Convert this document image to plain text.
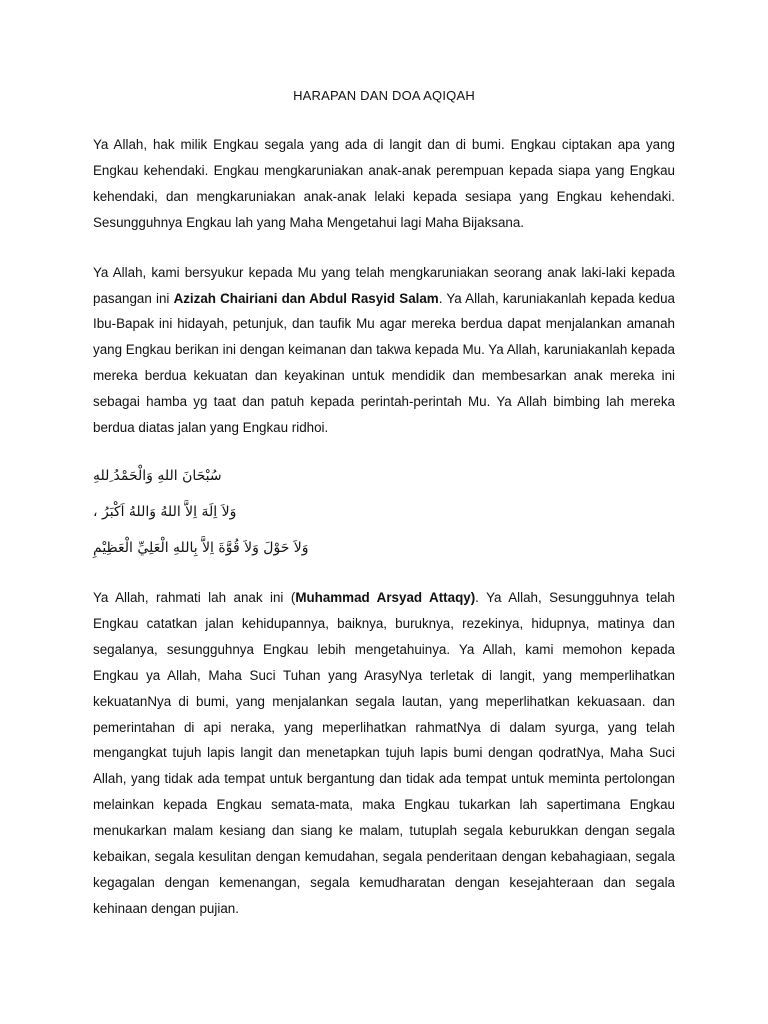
HARAPAN DAN DOA AQIQAH

Ya Allah, hak milik Engkau segala yang ada di langit dan di bumi. Engkau ciptakan apa yang Engkau kehendaki. Engkau mengkaruniakan anak-anak perempuan kepada siapa yang Engkau kehendaki, dan mengkaruniakan anak-anak lelaki kepada sesiapa yang Engkau kehendaki. Sesungguhnya Engkau lah yang Maha Mengetahui lagi Maha Bijaksana.

Ya Allah, kami bersyukur kepada Mu yang telah mengkaruniakan seorang anak laki-laki kepada pasangan ini Azizah Chairiani dan Abdul Rasyid Salam. Ya Allah, karuniakanlah kepada kedua Ibu-Bapak ini hidayah, petunjuk, dan taufik Mu agar mereka berdua dapat menjalankan amanah yang Engkau berikan ini dengan keimanan dan takwa kepada Mu. Ya Allah, karuniakanlah kepada mereka berdua kekuatan dan keyakinan untuk mendidik dan membesarkan anak mereka ini sebagai hamba yg taat dan patuh kepada perintah-perintah Mu. Ya Allah bimbing lah mereka berdua diatas jalan yang Engkau ridhoi.

سُبْحَانَ اللهِ وَالْحَمْدُ ِللهِ
وَلاَ اِلَهَ اِلاَّ اللهُ وَاللهُ اَكْبَرُ ،
وَلاَ حَوْلَ وَلاَ قُوَّةَ اِلاَّ بِاللهِ الْعَلِيِّ الْعَظِيْمِ

Ya Allah, rahmati lah anak ini (Muhammad Arsyad Attaqy). Ya Allah, Sesungguhnya telah Engkau catatkan jalan kehidupannya, baiknya, buruknya, rezekinya, hidupnya, matinya dan segalanya, sesungguhnya Engkau lebih mengetahuinya. Ya Allah, kami memohon kepada Engkau ya Allah, Maha Suci Tuhan yang ArasyNya terletak di langit, yang memperlihatkan kekuatanNya di bumi, yang menjalankan segala lautan, yang meperlihatkan kekuasaan. dan pemerintahan di api neraka, yang meperlihatkan rahmatNya di dalam syurga, yang telah mengangkat tujuh lapis langit dan menetapkan tujuh lapis bumi dengan qodratNya, Maha Suci Allah, yang tidak ada tempat untuk bergantung dan tidak ada tempat untuk meminta pertolongan melainkan kepada Engkau semata-mata, maka Engkau tukarkan lah sapertimana Engkau menukarkan malam kesiang dan siang ke malam, tutuplah segala keburukkan dengan segala kebaikan, segala kesulitan dengan kemudahan, segala penderitaan dengan kebahagiaan, segala kegagalan dengan kemenangan, segala kemudharatan dengan kesejahteraan dan segala kehinaan dengan pujian.
